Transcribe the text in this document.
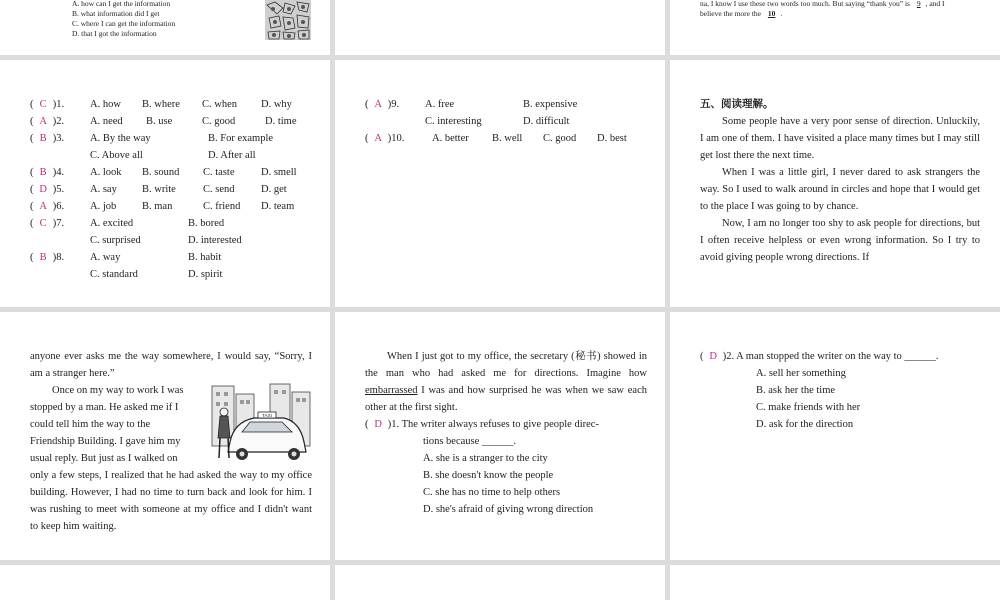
A. how can I get the information
B. what information did I get
C. where I can get the information
D. that I got the information
na, I know I use these two words too much. But saying “thank you” is 9 , and I
believe the more the 10 .
( C )1. A. how B. where C. when D. why
( A )2. A. need B. use	C. good	D. time
( B )3. A. By the way	B. For example
C. Above all	D. After all
( B )4. A. look B. sound C. taste	D. smell
( D )5. A. say B. write	C. send	D. get
( A )6. A. job B. man	C. friend D. team
( C )7. A. excited	B. bored
C. surprised	D. interested
( B )8. A. way	B. habit
C. standard	D. spirit
( A )9. A. free	B. expensive
C. interesting	D. difficult
( A )10.	A. better B. well C. good D. best
五、阅读理解。
Some people have a very poor sense of direction. Unluckily, I am one of them. I have visited a place many times but I may still get lost there the next time.
When I was a little girl, I never dared to ask strangers the way. So I used to walk around in circles and hope that I would get to the place I was going to by chance.
Now, I am no longer too shy to ask people for directions, but I often receive helpless or even wrong information. So I try to avoid giving people wrong directions. If
anyone ever asks me the way somewhere, I would say, “Sorry, I am a stranger here.”
Once on my way to work I was
stopped by a man. He asked me if I
could tell him the way to the
Friendship Building. I gave him my
usual reply. But just as I walked on
TAXI
only a few steps, I realized that he had asked the way to my office building. However, I had no time to turn back and look for him. I was rushing to meet with someone at my office and I didn't want to keep him waiting.
When I just got to my office, the secretary (秘书) showed in the man who had asked me for directions. Imagine how embarrassed I was and how surprised he was when we saw each other at the first sight.
( D )1. The writer always refuses to give people direc-
tions because ______.
A. she is a stranger to the city
B. she doesn't know the people
C. she has no time to help others
D. she's afraid of giving wrong direction
( D )2. A man stopped the writer on the way to ______.
A. sell her something
B. ask her the time
C. make friends with her
D. ask for the direction
